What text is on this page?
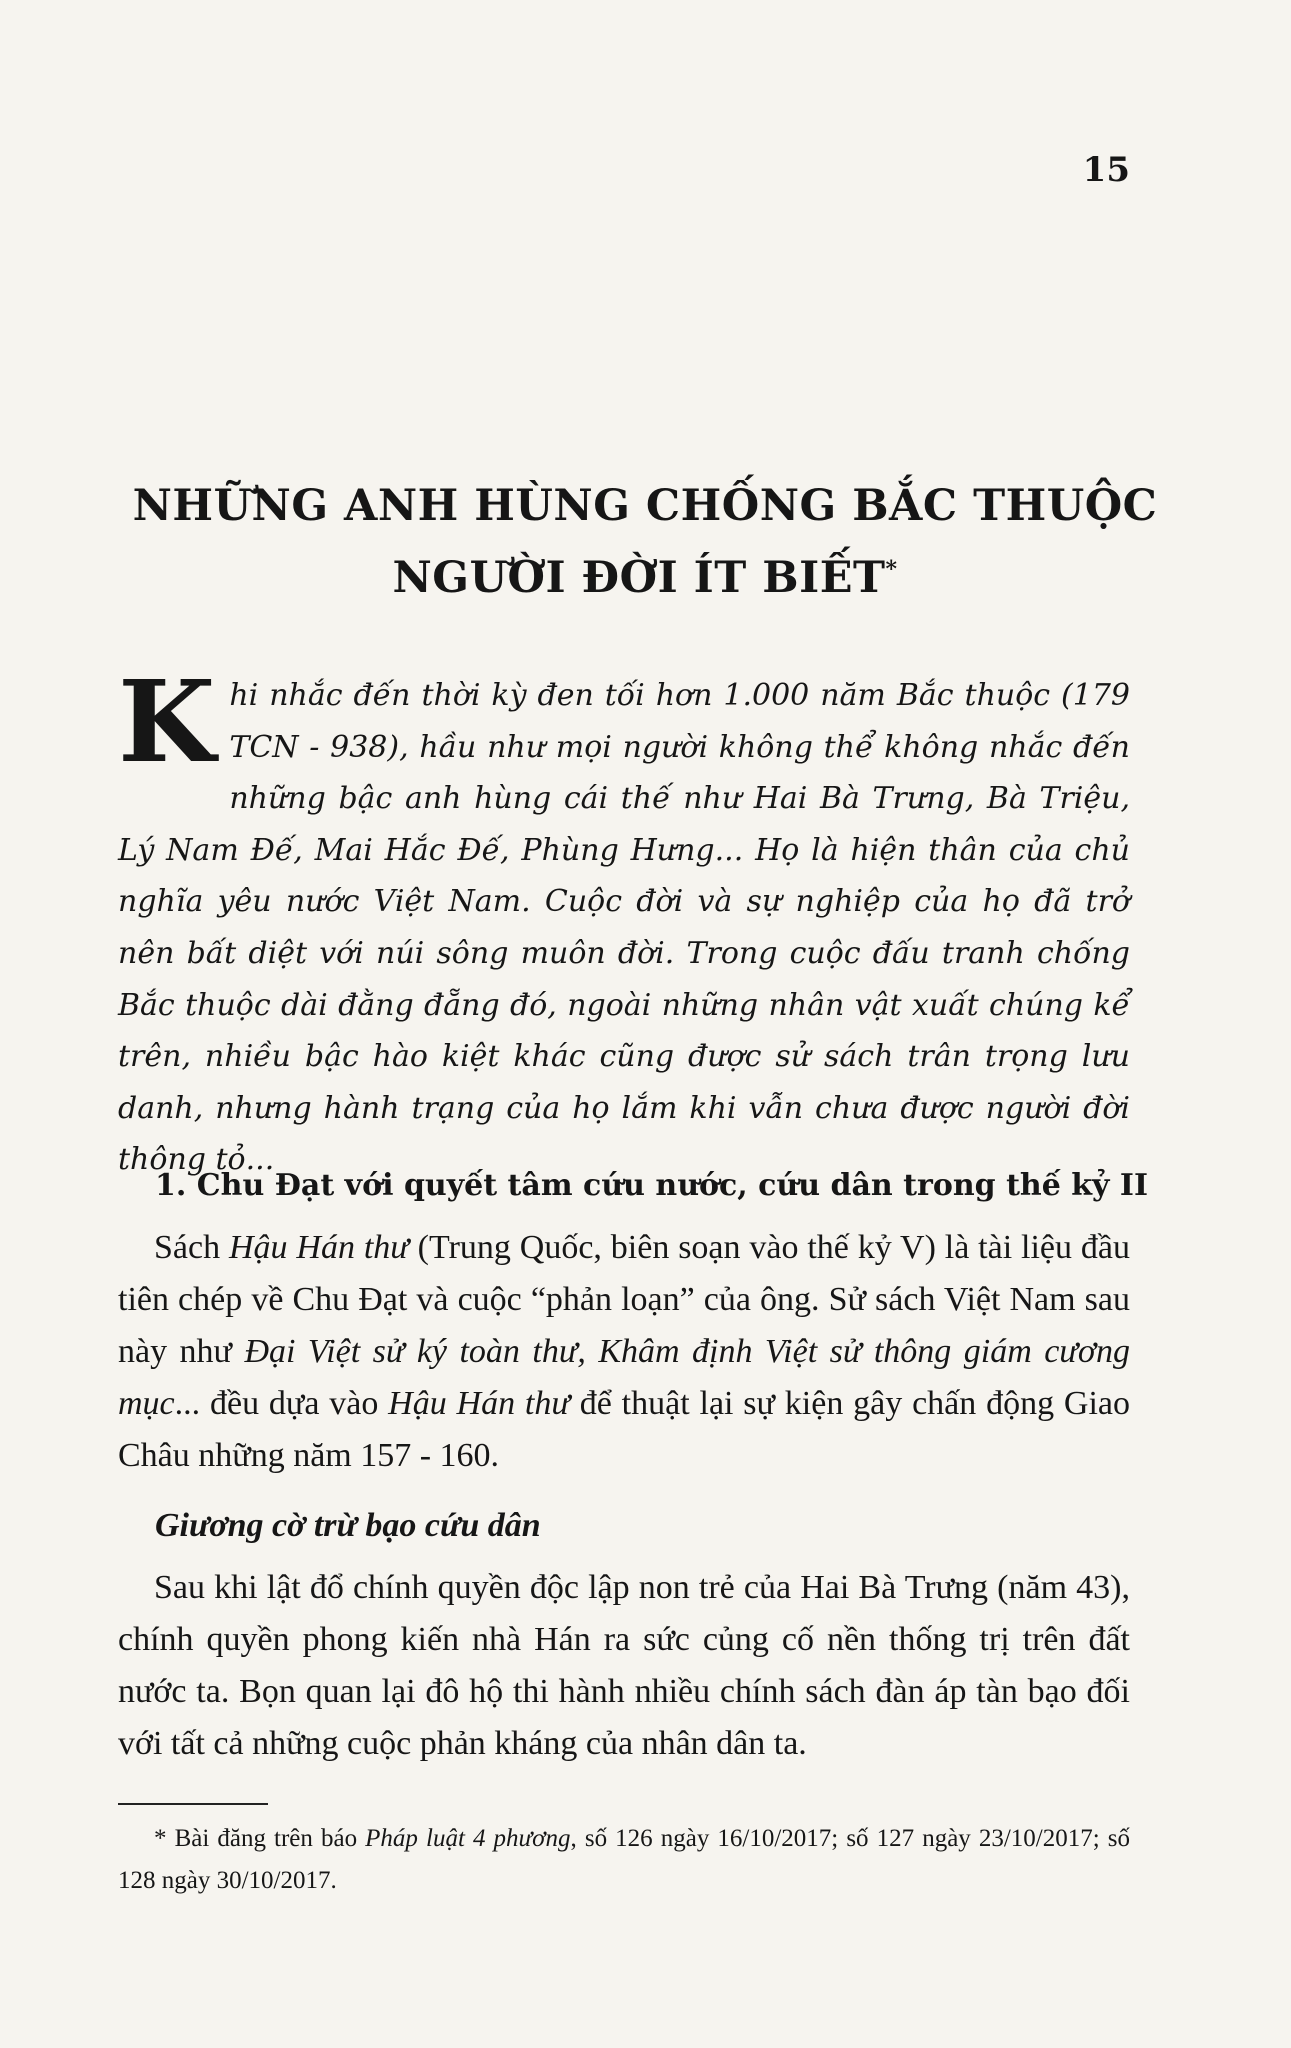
15
NHỮNG ANH HÙNG CHỐNG BẮC THUỘC
NGƯỜI ĐỜI ÍT BIẾT*
Khi nhắc đến thời kỳ đen tối hơn 1.000 năm Bắc thuộc (179 TCN - 938), hầu như mọi người không thể không nhắc đến những bậc anh hùng cái thế như Hai Bà Trưng, Bà Triệu, Lý Nam Đế, Mai Hắc Đế, Phùng Hưng... Họ là hiện thân của chủ nghĩa yêu nước Việt Nam. Cuộc đời và sự nghiệp của họ đã trở nên bất diệt với núi sông muôn đời. Trong cuộc đấu tranh chống Bắc thuộc dài đằng đẵng đó, ngoài những nhân vật xuất chúng kể trên, nhiều bậc hào kiệt khác cũng được sử sách trân trọng lưu danh, nhưng hành trạng của họ lắm khi vẫn chưa được người đời thông tỏ...
1. Chu Đạt với quyết tâm cứu nước, cứu dân trong thế kỷ II
Sách Hậu Hán thư (Trung Quốc, biên soạn vào thế kỷ V) là tài liệu đầu tiên chép về Chu Đạt và cuộc “phản loạn” của ông. Sử sách Việt Nam sau này như Đại Việt sử ký toàn thư, Khâm định Việt sử thông giám cương mục... đều dựa vào Hậu Hán thư để thuật lại sự kiện gây chấn động Giao Châu những năm 157 - 160.
Giương cờ trừ bạo cứu dân
Sau khi lật đổ chính quyền độc lập non trẻ của Hai Bà Trưng (năm 43), chính quyền phong kiến nhà Hán ra sức củng cố nền thống trị trên đất nước ta. Bọn quan lại đô hộ thi hành nhiều chính sách đàn áp tàn bạo đối với tất cả những cuộc phản kháng của nhân dân ta.
* Bài đăng trên báo Pháp luật 4 phương, số 126 ngày 16/10/2017; số 127 ngày 23/10/2017; số 128 ngày 30/10/2017.
